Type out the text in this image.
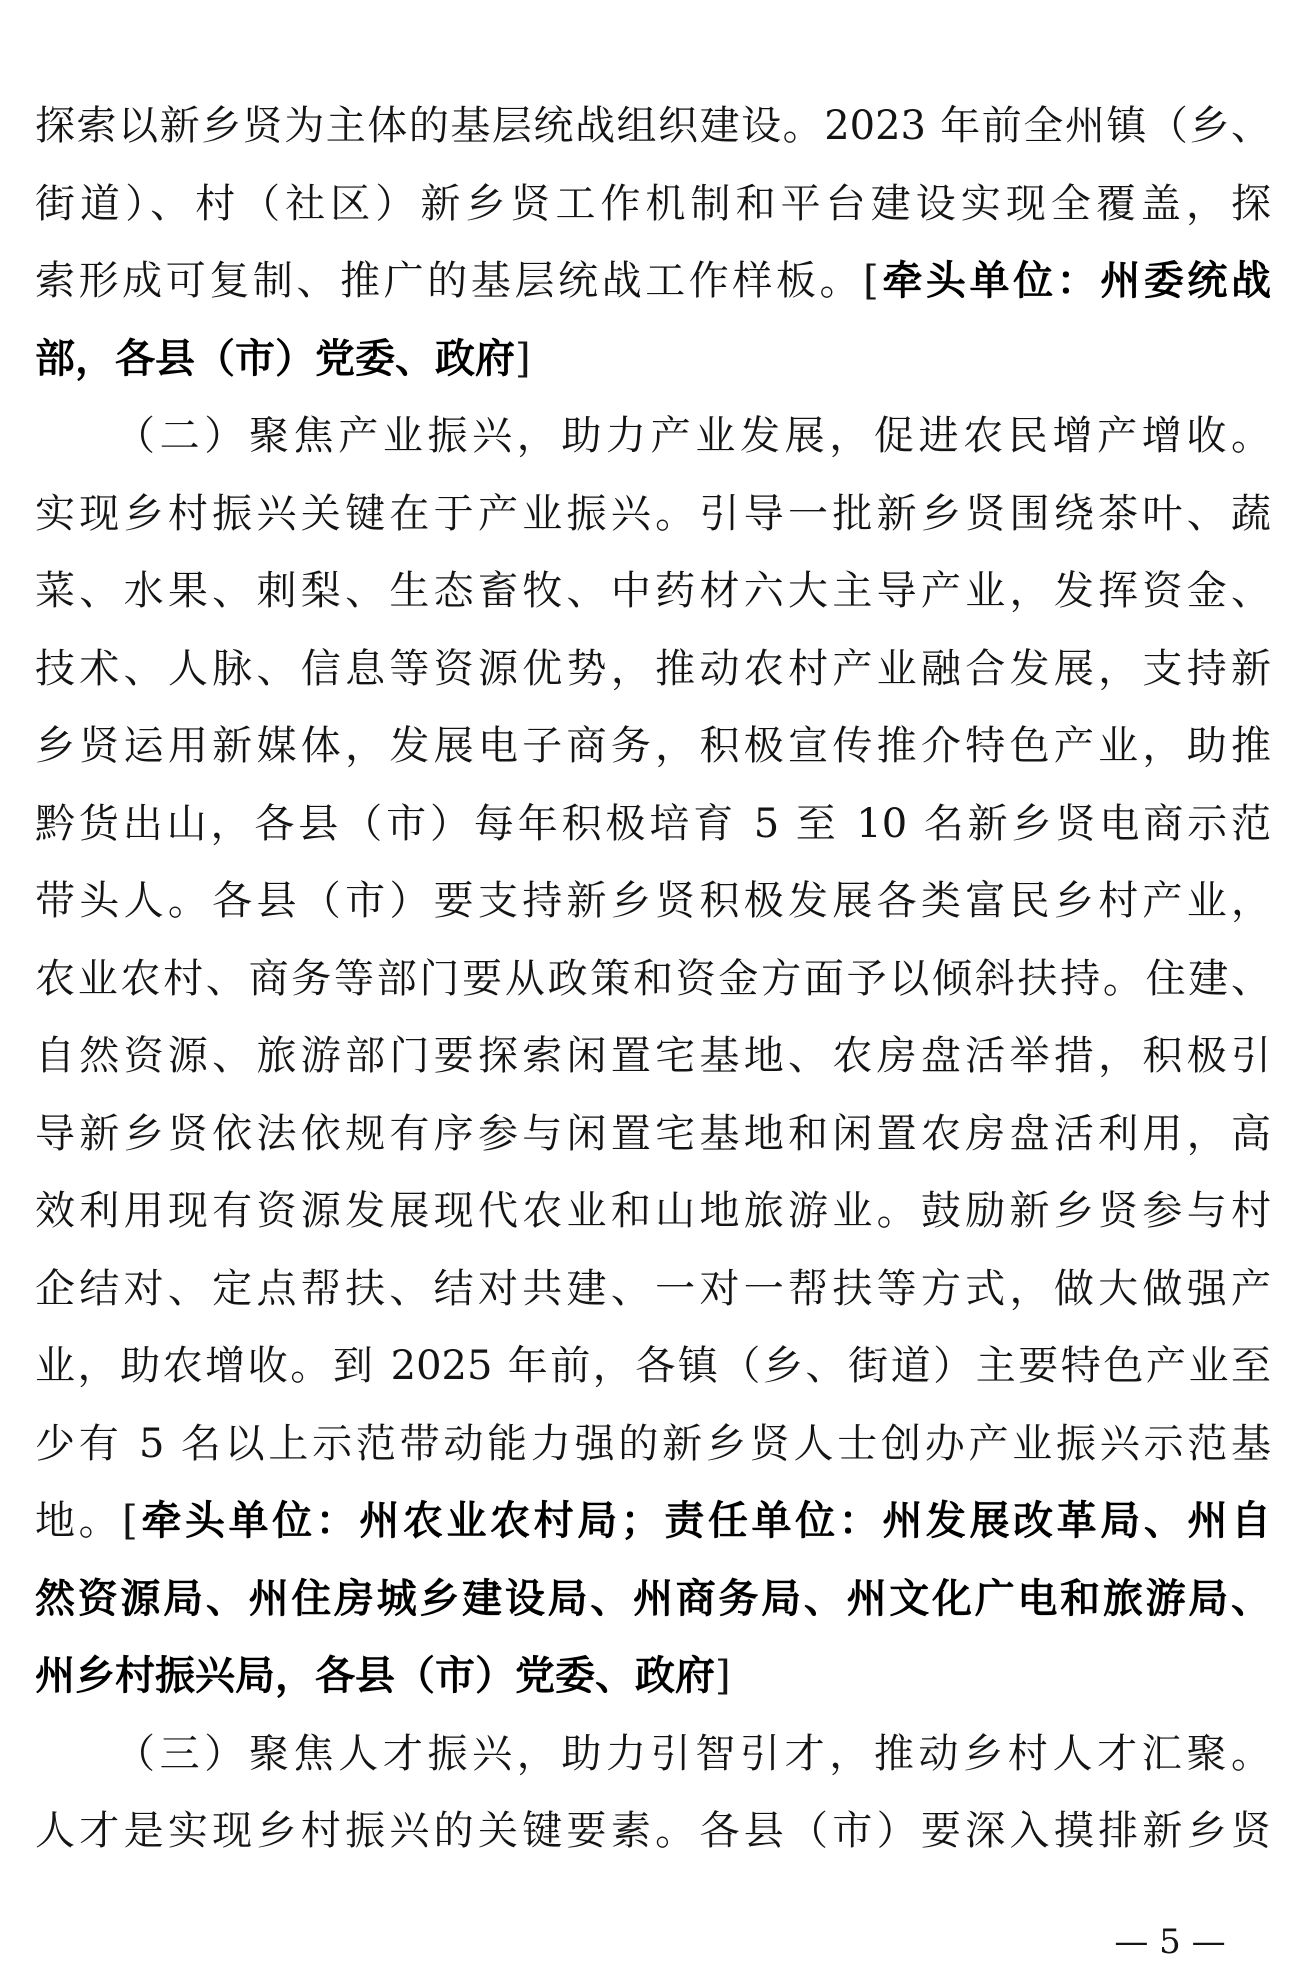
探索以新乡贤为主体的基层统战组织建设。2023 年前全州镇（乡、
街道）、村（社区）新乡贤工作机制和平台建设实现全覆盖，探
索形成可复制、推广的基层统战工作样板。[牵头单位：州委统战
部，各县（市）党委、政府]
（二）聚焦产业振兴，助力产业发展，促进农民增产增收。
实现乡村振兴关键在于产业振兴。引导一批新乡贤围绕茶叶、蔬
菜、水果、刺梨、生态畜牧、中药材六大主导产业，发挥资金、
技术、人脉、信息等资源优势，推动农村产业融合发展，支持新
乡贤运用新媒体，发展电子商务，积极宣传推介特色产业，助推
黔货出山，各县（市）每年积极培育 5 至 10 名新乡贤电商示范
带头人。各县（市）要支持新乡贤积极发展各类富民乡村产业，
农业农村、商务等部门要从政策和资金方面予以倾斜扶持。住建、
自然资源、旅游部门要探索闲置宅基地、农房盘活举措，积极引
导新乡贤依法依规有序参与闲置宅基地和闲置农房盘活利用，高
效利用现有资源发展现代农业和山地旅游业。鼓励新乡贤参与村
企结对、定点帮扶、结对共建、一对一帮扶等方式，做大做强产
业，助农增收。到 2025 年前，各镇（乡、街道）主要特色产业至
少有 5 名以上示范带动能力强的新乡贤人士创办产业振兴示范基
地。[牵头单位：州农业农村局；责任单位：州发展改革局、州自
然资源局、州住房城乡建设局、州商务局、州文化广电和旅游局、
州乡村振兴局，各县（市）党委、政府]
（三）聚焦人才振兴，助力引智引才，推动乡村人才汇聚。
人才是实现乡村振兴的关键要素。各县（市）要深入摸排新乡贤
— 5 —
